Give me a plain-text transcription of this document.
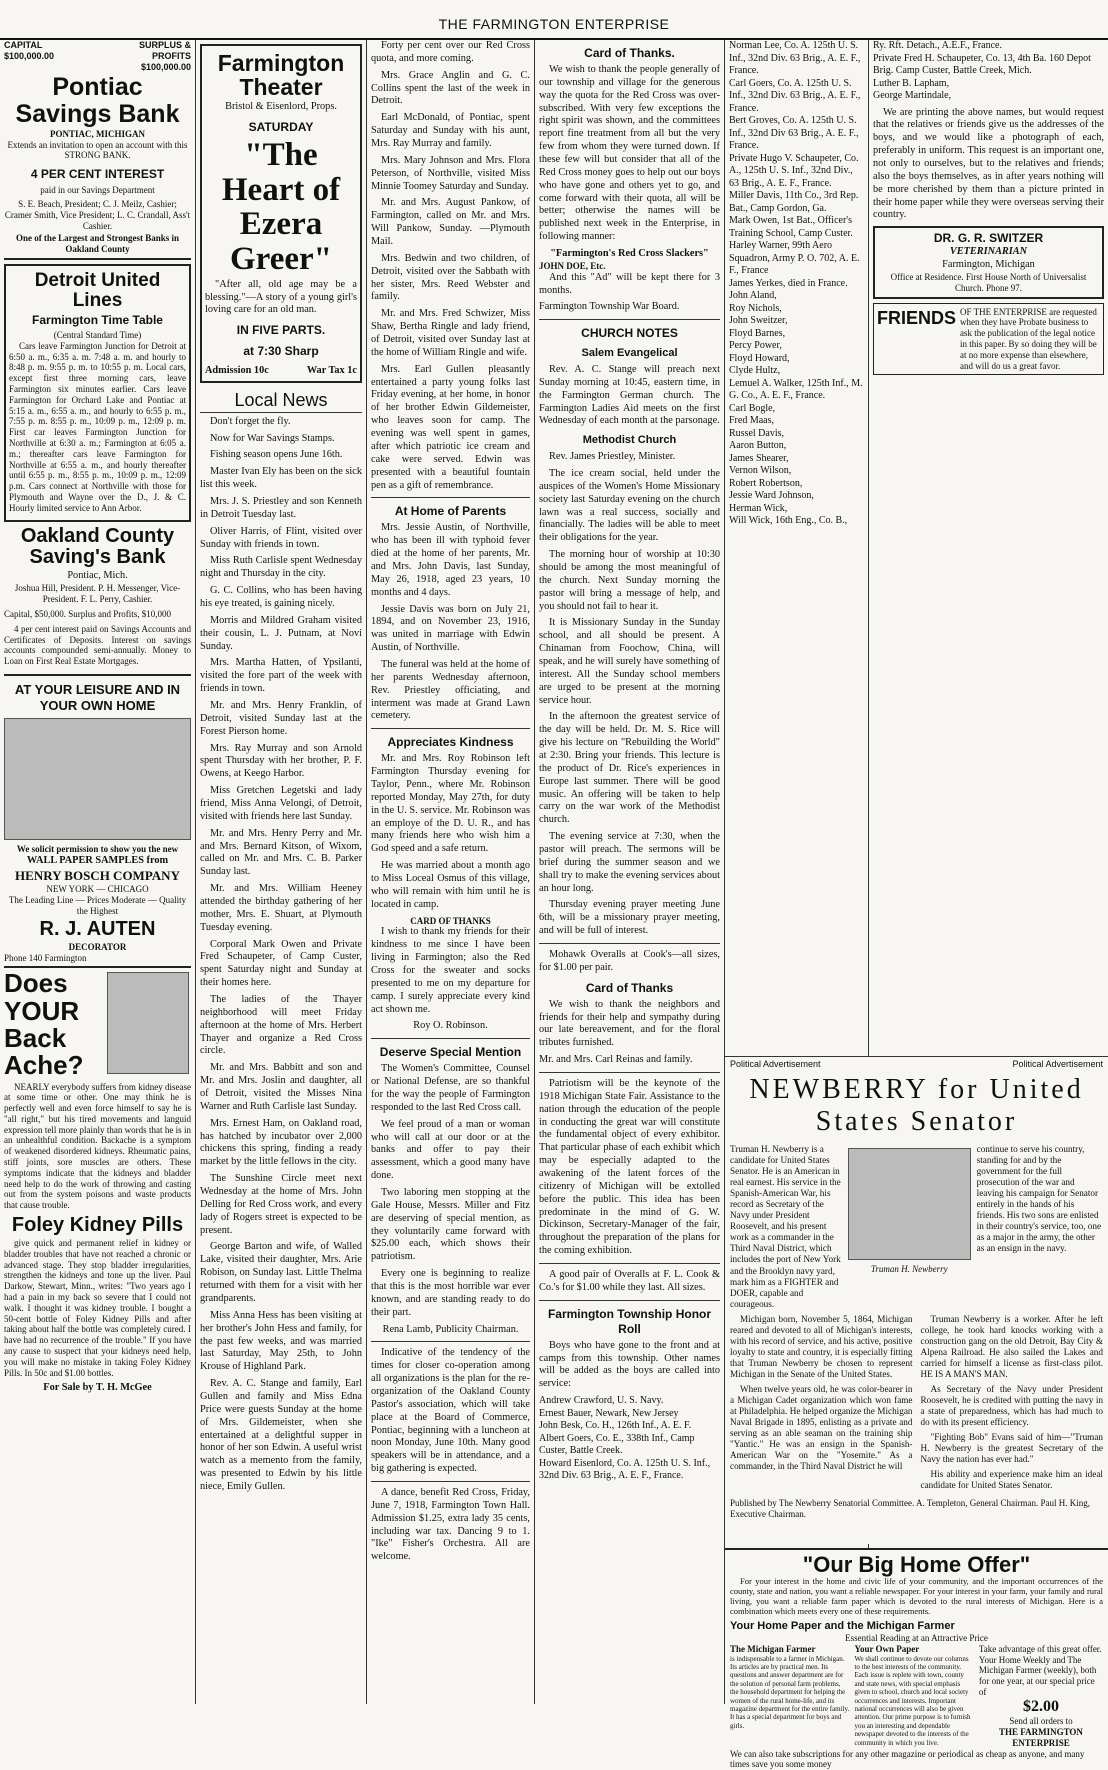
THE FARMINGTON ENTERPRISE
CAPITAL $100,000.00
SURPLUS & PROFITS $100,000.00
Pontiac Savings Bank
PONTIAC, MICHIGAN
Extends an invitation to open an account with this STRONG BANK.
4 PER CENT INTEREST
paid in our Savings Department
S. E. Beach, President; C. J. Meilz, Cashier; Cramer Smith, Vice President; L. C. Crandall, Ass't Cashier.
One of the Largest and Strongest Banks in Oakland County
Detroit United Lines
Farmington Time Table
(Central Standard Time)

Cars leave Farmington Junction for Detroit at 6:50 a. m., 6:35 a. m. 7:48 a. m. and hourly to 8:48 p. m. 9:55 p. m. to 10:55 p. m. Local cars, except first three morning cars, leave Farmington six minutes earlier. Cars leave Farmington for Orchard Lake and Pontiac at 5:15 a. m., 6:55 a. m., and hourly to 6:55 p. m., 7:55 p. m. 8:55 p. m., 10:09 p. m., 12:09 p. m. First car leaves Farmington Junction for Northville at 6:30 a. m.; Farmington at 6:05 a. m.; thereafter cars leave Farmington for Northville at 6:55 a. m., and hourly thereafter until 6:55 p. m., 8:55 p. m., 10:09 p. m., 12:09 p.m. Cars connect at Northville with those for Plymouth and Wayne over the D., J. & C. Hourly limited service to Ann Arbor.

Oakland County Saving's Bank
Pontiac, Mich.
Joshua Hill, President. P. H. Messenger, Vice-President. F. L. Perry, Cashier.
Capital, $50,000. Surplus and Profits, $10,000

4 per cent interest paid on Savings Accounts and Certificates of Deposits. Interest on savings accounts compounded semi-annually. Money to Loan on First Real Estate Mortgages.

AT YOUR LEISURE AND IN YOUR OWN HOME
We solicit permission to show you the new
WALL PAPER SAMPLES from
HENRY BOSCH COMPANY
NEW YORK — CHICAGO
The Leading Line — Prices Moderate — Quality the Highest
R. J. AUTEN
DECORATOR
Phone 140 Farmington
Does YOUR Back Ache?

NEARLY everybody suffers from kidney disease at some time or other. One may think he is perfectly well and even force himself to say he is "all right," but his tired movements and languid expression tell more plainly than words that he is in an unhealthful condition. Backache is a symptom of weakened disordered kidneys. Rheumatic pains, stiff joints, sore muscles are others. These symptoms indicate that the kidneys and bladder need help to do the work of throwing and casting out from the system poisons and waste products that cause trouble.

Foley Kidney Pills

give quick and permanent relief in kidney or bladder troubles that have not reached a chronic or advanced stage. They stop bladder irregularities, strengthen the kidneys and tone up the liver. Paul Darkow, Stewart, Minn., writes: "Two years ago I had a pain in my back so severe that I could not walk. I thought it was kidney trouble. I bought a 50-cent bottle of Foley Kidney Pills and after taking about half the bottle was completely cured. I have had no recurrence of the trouble." If you have any cause to suspect that your kidneys need help, you will make no mistake in taking Foley Kidney Pills. In 50c and $1.00 bottles.

For Sale by T. H. McGee
Farmington Theater
Bristol & Eisenlord, Props.
SATURDAY
"The Heart of Ezera Greer"

"After all, old age may be a blessing."—A story of a young girl's loving care for an old man.

IN FIVE PARTS.
at 7:30 Sharp
Admission 10c	War Tax 1c
Local News

Don't forget the fly.

Now for War Savings Stamps.

Fishing season opens June 16th.

Master Ivan Ely has been on the sick list this week.

Mrs. J. S. Priestley and son Kenneth in Detroit Tuesday last.

Oliver Harris, of Flint, visited over Sunday with friends in town.

Miss Ruth Carlisle spent Wednesday night and Thursday in the city.

G. C. Collins, who has been having his eye treated, is gaining nicely.

Morris and Mildred Graham visited their cousin, L. J. Putnam, at Novi Sunday.

Mrs. Martha Hatten, of Ypsilanti, visited the fore part of the week with friends in town.

Mr. and Mrs. Henry Franklin, of Detroit, visited Sunday last at the Forest Pierson home.

Mrs. Ray Murray and son Arnold spent Thursday with her brother, P. F. Owens, at Keego Harbor.

Miss Gretchen Legetski and lady friend, Miss Anna Velongi, of Detroit, visited with friends here last Sunday.

Mr. and Mrs. Henry Perry and Mr. and Mrs. Bernard Kitson, of Wixom, called on Mr. and Mrs. C. B. Parker Sunday last.

Mr. and Mrs. William Heeney attended the birthday gathering of her mother, Mrs. E. Shuart, at Plymouth Tuesday evening.

Corporal Mark Owen and Private Fred Schaupeter, of Camp Custer, spent Saturday night and Sunday at their homes here.

The ladies of the Thayer neighborhood will meet Friday afternoon at the home of Mrs. Herbert Thayer and organize a Red Cross circle.

Mr. and Mrs. Babbitt and son and Mr. and Mrs. Joslin and daughter, all of Detroit, visited the Misses Nina Warner and Ruth Carlisle last Sunday.

Mrs. Ernest Ham, on Oakland road, has hatched by incubator over 2,000 chickens this spring, finding a ready market by the little fellows in the city.

The Sunshine Circle meet next Wednesday at the home of Mrs. John Delling for Red Cross work, and every lady of Rogers street is expected to be present.

George Barton and wife, of Walled Lake, visited their daughter, Mrs. Arie Robison, on Sunday last. Little Thelma returned with them for a visit with her grandparents.

Miss Anna Hess has been visiting at her brother's John Hess and family, for the past few weeks, and was married last Saturday, May 25th, to John Krouse of Highland Park.

Rev. A. C. Stange and family, Earl Gullen and family and Miss Edna Price were guests Sunday at the home of Mrs. Gildemeister, when she entertained at a delightful supper in honor of her son Edwin. A useful wrist watch as a memento from the family, was presented to Edwin by his little niece, Emily Gullen.

Forty per cent over our Red Cross quota, and more coming.

Mrs. Grace Anglin and G. C. Collins spent the last of the week in Detroit.

Earl McDonald, of Pontiac, spent Saturday and Sunday with his aunt, Mrs. Ray Murray and family.

Mrs. Mary Johnson and Mrs. Flora Peterson, of Northville, visited Miss Minnie Toomey Saturday and Sunday.

Mr. and Mrs. August Pankow, of Farmington, called on Mr. and Mrs. Will Pankow, Sunday. —Plymouth Mail.

Mrs. Bedwin and two children, of Detroit, visited over the Sabbath with her sister, Mrs. Reed Webster and family.

Mr. and Mrs. Fred Schwizer, Miss Shaw, Bertha Ringle and lady friend, of Detroit, visited over Sunday last at the home of William Ringle and wife.

Mrs. Earl Gullen pleasantly entertained a party young folks last Friday evening, at her home, in honor of her brother Edwin Gildemeister, who leaves soon for camp. The evening was well spent in games, after which patriotic ice cream and cake were served. Edwin was presented with a beautiful fountain pen as a gift of remembrance.

At Home of Parents

Mrs. Jessie Austin, of Northville, who has been ill with typhoid fever died at the home of her parents, Mr. and Mrs. John Davis, last Sunday, May 26, 1918, aged 23 years, 10 months and 4 days.

Jessie Davis was born on July 21, 1894, and on November 23, 1916, was united in marriage with Edwin Austin, of Northville.

The funeral was held at the home of her parents Wednesday afternoon, Rev. Priestley officiating, and interment was made at Grand Lawn cemetery.

Appreciates Kindness

Mr. and Mrs. Roy Robinson left Farmington Thursday evening for Taylor, Penn., where Mr. Robinson reported Monday, May 27th, for duty in the U. S. service. Mr. Robinson was an employe of the D. U. R., and has many friends here who wish him a God speed and a safe return.

He was married about a month ago to Miss Loceal Osmus of this village, who will remain with him until he is located in camp.

CARD OF THANKS

I wish to thank my friends for their kindness to me since I have been living in Farmington; also the Red Cross for the sweater and socks presented to me on my departure for camp. I surely appreciate every kind act shown me.

Roy O. Robinson.
Deserve Special Mention

The Women's Committee, Counsel or National Defense, are so thankful for the way the people of Farmington responded to the last Red Cross call.

We feel proud of a man or woman who will call at our door or at the banks and offer to pay their assessment, which a good many have done.

Two laboring men stopping at the Gale House, Messrs. Miller and Fitz are deserving of special mention, as they voluntarily came forward with $25.00 each, which shows their patriotism.

Every one is beginning to realize that this is the most horrible war ever known, and are standing ready to do their part.

Rena Lamb, Publicity Chairman.

Indicative of the tendency of the times for closer co-operation among all organizations is the plan for the re-organization of the Oakland County Pastor's association, which will take place at the Board of Commerce, Pontiac, beginning with a luncheon at noon Monday, June 10th. Many good speakers will be in attendance, and a big gathering is expected.

A dance, benefit Red Cross, Friday, June 7, 1918, Farmington Town Hall. Admission $1.25, extra lady 35 cents, including war tax. Dancing 9 to 1. "Ike" Fisher's Orchestra. All are welcome.

Card of Thanks.

We wish to thank the people generally of our township and village for the generous way the quota for the Red Cross was over-subscribed. With very few exceptions the right spirit was shown, and the committees report fine treatment from all but the very few from whom they were turned down. If these few will but consider that all of the Red Cross money goes to help out our boys who have gone and others yet to go, and come forward with their quota, all will be better; otherwise the names will be published next week in the Enterprise, in following manner:

"Farmington's Red Cross Slackers"
JOHN DOE, Etc.

And this "Ad" will be kept there for 3 months.

Farmington Township War Board.
CHURCH NOTES
Salem Evangelical

Rev. A. C. Stange will preach next Sunday morning at 10:45, eastern time, in the Farmington German church. The Farmington Ladies Aid meets on the first Wednesday of each month at the parsonage.

Methodist Church

Rev. James Priestley, Minister.

The ice cream social, held under the auspices of the Women's Home Missionary society last Saturday evening on the church lawn was a real success, socially and financially. The ladies will be able to meet their obligations for the year.

The morning hour of worship at 10:30 should be among the most meaningful of the church. Next Sunday morning the pastor will bring a message of help, and you should not fail to hear it.

It is Missionary Sunday in the Sunday school, and all should be present. A Chinaman from Foochow, China, will speak, and he will surely have something of interest. All the Sunday school members are urged to be present at the morning service hour.

In the afternoon the greatest service of the day will be held. Dr. M. S. Rice will give his lecture on "Rebuilding the World" at 2:30. Bring your friends. This lecture is the product of Dr. Rice's experiences in Europe last summer. There will be good music. An offering will be taken to help carry on the war work of the Methodist church.

The evening service at 7:30, when the pastor will preach. The sermons will be brief during the summer season and we shall try to make the evening services about an hour long.

Thursday evening prayer meeting June 6th, will be a missionary prayer meeting, and will be full of interest.

Mohawk Overalls at Cook's—all sizes, for $1.00 per pair.

Card of Thanks

We wish to thank the neighbors and friends for their help and sympathy during our late bereavement, and for the floral tributes furnished.

Mr. and Mrs. Carl Reinas and family.

Patriotism will be the keynote of the 1918 Michigan State Fair. Assistance to the nation through the education of the people in conducting the great war will constitute the fundamental object of every exhibitor. That particular phase of each exhibit which may be especially adapted to the awakening of the latent forces of the citizenry of Michigan will be extolled before the public. This idea has been predominate in the mind of G. W. Dickinson, Secretary-Manager of the fair, throughout the preparation of the plans for the coming exhibition.

A good pair of Overalls at F. L. Cook & Co.'s for $1.00 while they last. All sizes.

Farmington Township Honor Roll

Boys who have gone to the front and at camps from this township. Other names will be added as the boys are called into service:

Andrew Crawford, U. S. Navy.
Ernest Bauer, Newark, New Jersey
John Besk, Co. H., 126th Inf., A. E. F.
Albert Goers, Co. E., 338th Inf., Camp Custer, Battle Creek.
Howard Eisenlord, Co. A. 125th U. S. Inf., 32nd Div. 63 Brig., A. E. F., France.
Norman Lee, Co. A. 125th U. S. Inf., 32nd Div. 63 Brig., A. E. F., France.
Carl Goers, Co. A. 125th U. S. Inf., 32nd Div. 63 Brig., A. E. F., France.
Bert Groves, Co. A. 125th U. S. Inf., 32nd Div 63 Brig., A. E. F., France.
Private Hugo V. Schaupeter, Co. A., 125th U. S. Inf., 32nd Div., 63 Brig., A. E. F., France.
Miller Davis, 11th Co., 3rd Rep. Bat., Camp Gordon, Ga.
Mark Owen, 1st Bat., Officer's Training School, Camp Custer.
Harley Warner, 99th Aero Squadron, Army P. O. 702, A. E. F., France
James Yerkes, died in France.
John Aland,
Roy Nichols,
John Sweitzer,
Floyd Barnes,
Percy Power,
Floyd Howard,
Clyde Hultz,
Lemuel A. Walker, 125th Inf., M. G. Co., A. E. F., France.
Carl Bogle,
Fred Maas,
Russel Davis,
Aaron Button,
James Shearer,
Vernon Wilson,
Robert Robertson,
Jessie Ward Johnson,
Herman Wick,
Will Wick, 16th Eng., Co. B.,
Ry. Rft. Detach., A.E.F., France.
Private Fred H. Schaupeter, Co. 13, 4th Ba. 160 Depot Brig. Camp Custer, Battle Creek, Mich.
Luther B. Lapham,
George Martindale,

We are printing the above names, but would request that the relatives or friends give us the addresses of the boys, and we would like a photograph of each, preferably in uniform. This request is an important one, not only to ourselves, but to the relatives and friends; also the boys themselves, as in after years nothing will be more cherished by them than a picture printed in their home paper while they were overseas serving their country.

DR. G. R. SWITZER
VETERINARIAN
Farmington, Michigan
Office at Residence. First House North of Universalist Church. Phone 97.
FRIENDS OF THE ENTERPRISE are requested when they have Probate business to ask the publication of the legal notice in this paper. By so doing they will be at no more expense than elsewhere, and will do us a great favor.
Political Advertisement	Political Advertisement
NEWBERRY for United States Senator
Truman H. Newberry is a candidate for United States Senator. He is an American in real earnest. His service in the Spanish-American War, his record as Secretary of the Navy under President Roosevelt, and his present work as a commander in the Third Naval District, which includes the port of New York and the Brooklyn navy yard, mark him as a FIGHTER and DOER, capable and courageous.
Truman H. Newberry
continue to serve his country, standing for and by the government for the full prosecution of the war and leaving his campaign for Senator entirely in the hands of his friends. His two sons are enlisted in their country's service, too, one as a major in the army, the other as an ensign in the navy.

Michigan born, November 5, 1864, Michigan reared and devoted to all of Michigan's interests, with his record of service, and his active, positive loyalty to state and country, it is especially fitting that Truman Newberry be chosen to represent Michigan in the Senate of the United States.

When twelve years old, he was color-bearer in a Michigan Cadet organization which won fame at Philadelphia. He helped organize the Michigan Naval Brigade in 1895, enlisting as a private and serving as an able seaman on the training ship "Yantic." He was an ensign in the Spanish-American War on the "Yosemite." As a commander, in the Third Naval District he will

Truman Newberry is a worker. After he left college, he took hard knocks working with a construction gang on the old Detroit, Bay City & Alpena Railroad. He also sailed the Lakes and carried for himself a license as first-class pilot. HE IS A MAN'S MAN.

As Secretary of the Navy under President Roosevelt, he is credited with putting the navy in a state of preparedness, which has had much to do with its present efficiency.

"Fighting Bob" Evans said of him—"Truman H. Newberry is the greatest Secretary of the Navy the nation has ever had."

His ability and experience make him an ideal candidate for United States Senator.

Published by The Newberry Senatorial Committee. A. Templeton, General Chairman. Paul H. King, Executive Chairman.
"Our Big Home Offer"

For your interest in the home and civic life of your community, and the important occurrences of the county, state and nation, you want a reliable newspaper. For your interest in your farm, your family and rural living, you want a reliable farm paper which is devoted to the rural interests of Michigan. Here is a combination which meets every one of these requirements.

Your Home Paper and the Michigan Farmer
Essential Reading at an Attractive Price
The Michigan Farmer
is indispensable to a farmer in Michigan. Its articles are by practical men. Its questions and answer department are for the solution of personal farm problems, the household department for helping the women of the rural home-life, and its magazine department for the entire family. It has a special department for boys and girls.
Your Own Paper
We shall continue to devote our columns to the best interests of the community. Each issue is replete with town, county and state news, with special emphasis given to school, church and local society occurrences and interests. Important national occurrences will also be given attention. Our prime purpose is to furnish you an interesting and dependable newspaper devoted to the interests of the community in which you live.
Take advantage of this great offer. Your Home Weekly and The Michigan Farmer (weekly), both for one year, at our special price of
$2.00
Send all orders to
THE FARMINGTON ENTERPRISE
We can also take subscriptions for any other magazine or periodical as cheap as anyone, and many times save you some money
